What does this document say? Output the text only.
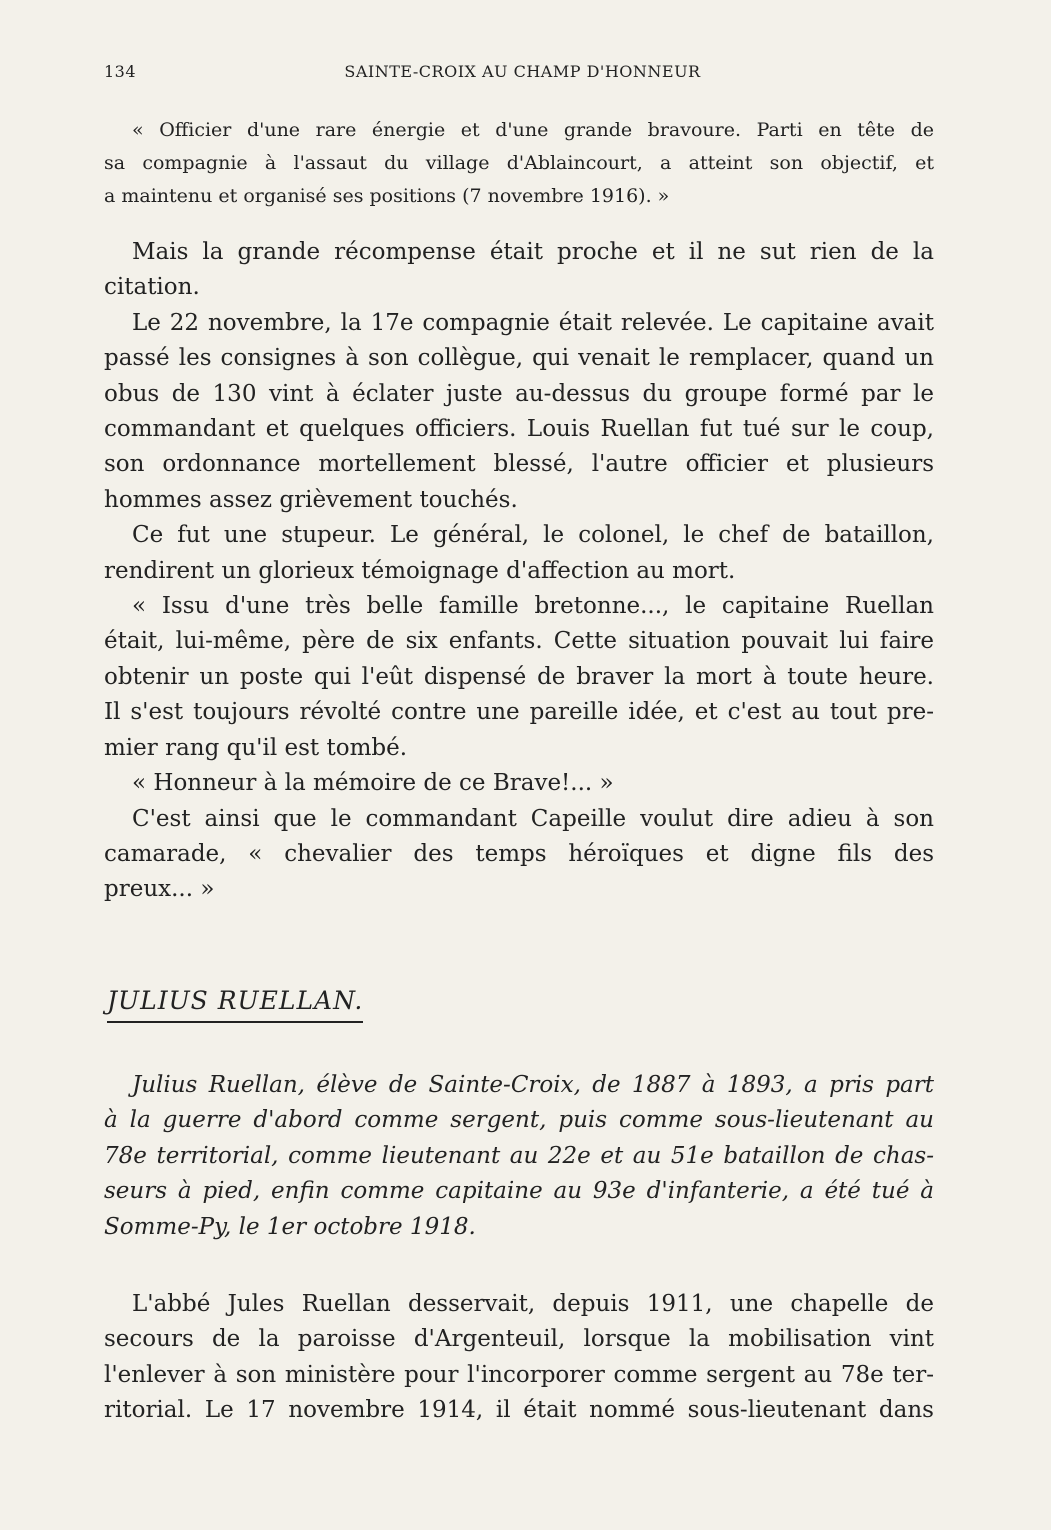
134	SAINTE-CROIX AU CHAMP D'HONNEUR
« Officier d'une rare énergie et d'une grande bravoure. Parti en tête de
sa compagnie à l'assaut du village d'Ablaincourt, a atteint son objectif, et
a maintenu et organisé ses positions (7 novembre 1916). »
Mais la grande récompense était proche et il ne sut rien de la
citation.
Le 22 novembre, la 17e compagnie était relevée. Le capitaine avait
passé les consignes à son collègue, qui venait le remplacer, quand un
obus de 130 vint à éclater juste au-dessus du groupe formé par le
commandant et quelques officiers. Louis Ruellan fut tué sur le coup,
son ordonnance mortellement blessé, l'autre officier et plusieurs
hommes assez grièvement touchés.
Ce fut une stupeur. Le général, le colonel, le chef de bataillon,
rendirent un glorieux témoignage d'affection au mort.
« Issu d'une très belle famille bretonne..., le capitaine Ruellan
était, lui-même, père de six enfants. Cette situation pouvait lui faire
obtenir un poste qui l'eût dispensé de braver la mort à toute heure.
Il s'est toujours révolté contre une pareille idée, et c'est au tout pre-
mier rang qu'il est tombé.
« Honneur à la mémoire de ce Brave!... »
C'est ainsi que le commandant Capeille voulut dire adieu à son
camarade, « chevalier des temps héroïques et digne fils des
preux... »
JULIUS RUELLAN.
Julius Ruellan, élève de Sainte-Croix, de 1887 à 1893, a pris part
à la guerre d'abord comme sergent, puis comme sous-lieutenant au
78e territorial, comme lieutenant au 22e et au 51e bataillon de chas-
seurs à pied, enfin comme capitaine au 93e d'infanterie, a été tué à
Somme-Py, le 1er octobre 1918.
L'abbé Jules Ruellan desservait, depuis 1911, une chapelle de
secours de la paroisse d'Argenteuil, lorsque la mobilisation vint
l'enlever à son ministère pour l'incorporer comme sergent au 78e ter-
ritorial. Le 17 novembre 1914, il était nommé sous-lieutenant dans
